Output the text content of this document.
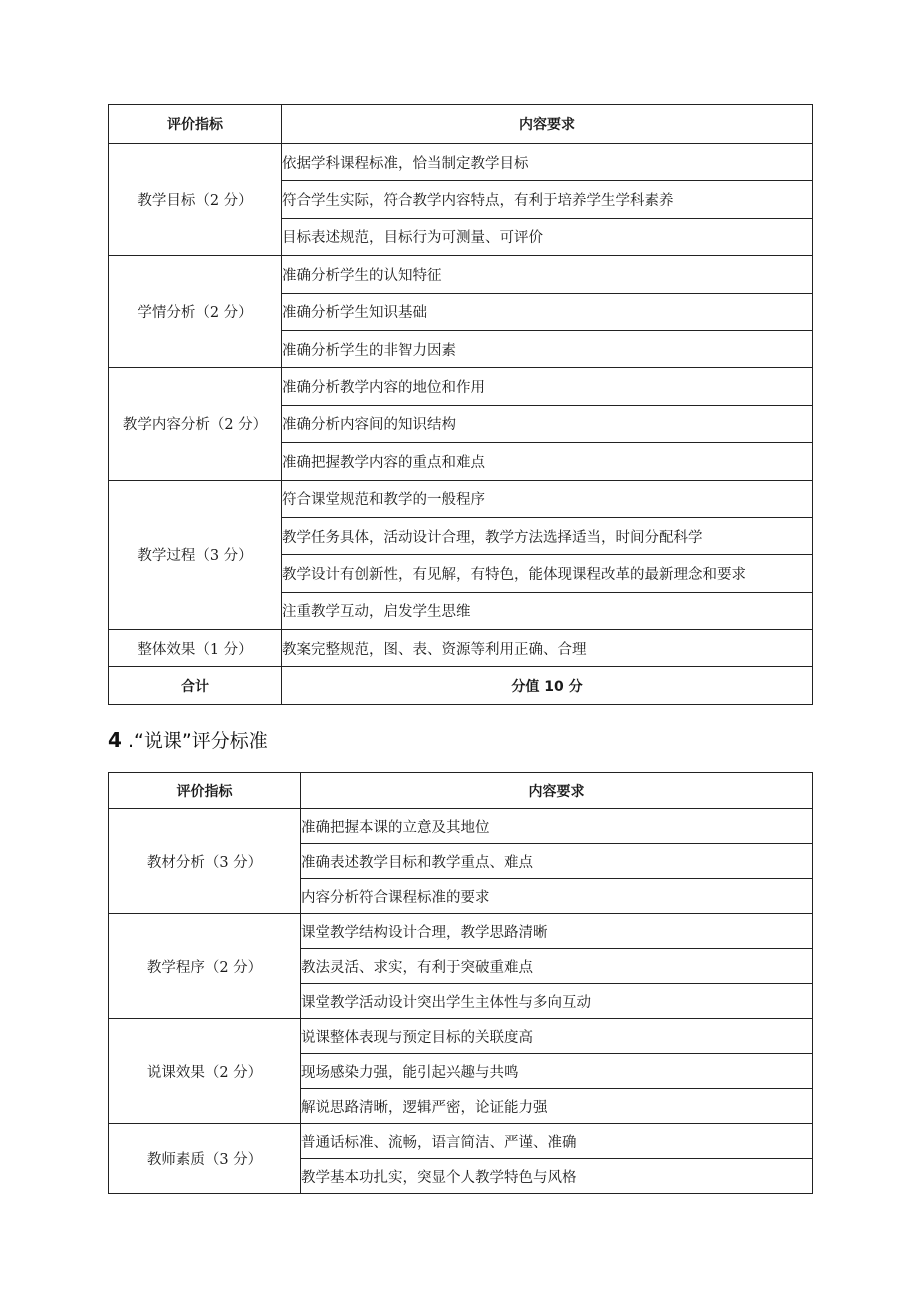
评价指标	内容要求
教学目标（2 分）	依据学科课程标准，恰当制定教学目标
	符合学生实际，符合教学内容特点，有利于培养学生学科素养
	目标表述规范，目标行为可测量、可评价
学情分析（2 分）	准确分析学生的认知特征
	准确分析学生知识基础
	准确分析学生的非智力因素
教学内容分析（2 分）	准确分析教学内容的地位和作用
	准确分析内容间的知识结构
	准确把握教学内容的重点和难点
教学过程（3 分）	符合课堂规范和教学的一般程序
	教学任务具体，活动设计合理，教学方法选择适当，时间分配科学
	教学设计有创新性，有见解，有特色，能体现课程改革的最新理念和要求
	注重教学互动，启发学生思维
整体效果（1 分）	教案完整规范，图、表、资源等利用正确、合理
合计	分值 10 分
4 .“说课”评分标准
评价指标	内容要求
教材分析（3 分）	准确把握本课的立意及其地位
	准确表述教学目标和教学重点、难点
	内容分析符合课程标准的要求
教学程序（2 分）	课堂教学结构设计合理，教学思路清晰
	教法灵活、求实，有利于突破重难点
	课堂教学活动设计突出学生主体性与多向互动
说课效果（2 分）	说课整体表现与预定目标的关联度高
	现场感染力强，能引起兴趣与共鸣
	解说思路清晰，逻辑严密，论证能力强
教师素质（3 分）	普通话标准、流畅，语言简洁、严谨、准确
	教学基本功扎实，突显个人教学特色与风格
